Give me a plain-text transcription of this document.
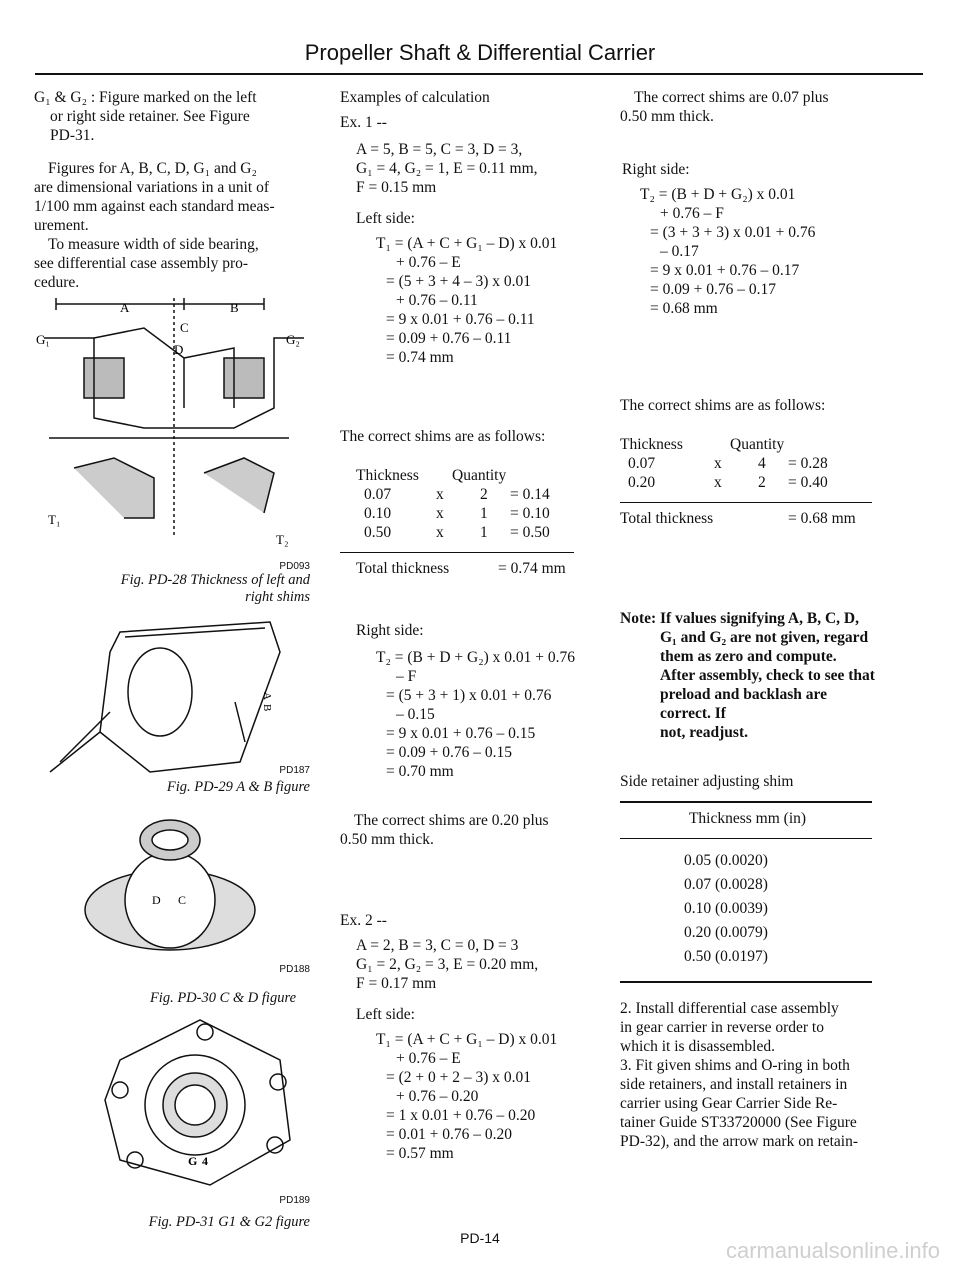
Propeller Shaft & Differential Carrier

G₁ & G₂ : Figure marked on the left

or right side retainer. See Figure

PD-31.

Figures for A, B, C, D, G₁ and G₂

are dimensional variations in a unit of

1/100 mm against each standard meas-

urement.

To measure width of side bearing,

see differential case assembly pro-

cedure.

A	B
C
D
G₁	G₂
T₁
T₂
PD093
Fig. PD-28 Thickness of left and
right shims
A
B
PD187
Fig. PD-29 A & B figure
D C
PD188
Fig. PD-30 C & D figure
G 4
PD189
Fig. PD-31 G1 & G2 figure

Examples of calculation

Ex. 1 --

A = 5, B = 5, C = 3, D = 3,

G₁ = 4, G₂ = 1, E = 0.11 mm,

F = 0.15 mm

Left side:

T₁ = (A + C + G₁ – D) x 0.01

+ 0.76 – E

= (5 + 3 + 4 – 3) x 0.01

+ 0.76 – 0.11

= 9 x 0.01 + 0.76 – 0.11

= 0.09 + 0.76 – 0.11

= 0.74 mm

The correct shims are as follows:

Thickness	Quantity		
0.07	x	2	= 0.14
0.10	x	1	= 0.10
0.50	x	1	= 0.50
Total thickness	= 0.74 mm

Right side:

T₂ = (B + D + G₂) x 0.01 + 0.76

– F

= (5 + 3 + 1) x 0.01 + 0.76

– 0.15

= 9 x 0.01 + 0.76 – 0.15

= 0.09 + 0.76 – 0.15

= 0.70 mm

The correct shims are 0.20 plus

0.50 mm thick.

Ex. 2 --

A = 2, B = 3, C = 0, D = 3

G₁ = 2, G₂ = 3, E = 0.20 mm,

F = 0.17 mm

Left side:

T₁ = (A + C + G₁ – D) x 0.01

+ 0.76 – E

= (2 + 0 + 2 – 3) x 0.01

+ 0.76 – 0.20

= 1 x 0.01 + 0.76 – 0.20

= 0.01 + 0.76 – 0.20

= 0.57 mm

The correct shims are 0.07 plus

0.50 mm thick.

Right side:

T₂ = (B + D + G₂) x 0.01

+ 0.76 – F

= (3 + 3 + 3) x 0.01 + 0.76

– 0.17

= 9 x 0.01 + 0.76 – 0.17

= 0.09 + 0.76 – 0.17

= 0.68 mm

The correct shims are as follows:

Thickness	Quantity		
0.07	x	4	= 0.28
0.20	x	2	= 0.40
Total thickness	= 0.68 mm

Note: If values signifying A, B, C, D,

G₁ and G₂ are not given, regard

them as zero and compute.

After assembly, check to see that

preload and backlash are correct. If

not, readjust.

Side retainer adjusting shim

Thickness mm (in)

0.05 (0.0020)

0.07 (0.0028)

0.10 (0.0039)

0.20 (0.0079)

0.50 (0.0197)

2. Install differential case assembly

in gear carrier in reverse order to

which it is disassembled.

3. Fit given shims and O-ring in both

side retainers, and install retainers in

carrier using Gear Carrier Side Re-

tainer Guide ST33720000 (See Figure

PD-32), and the arrow mark on retain-

PD-14	carmanualsonline.info
